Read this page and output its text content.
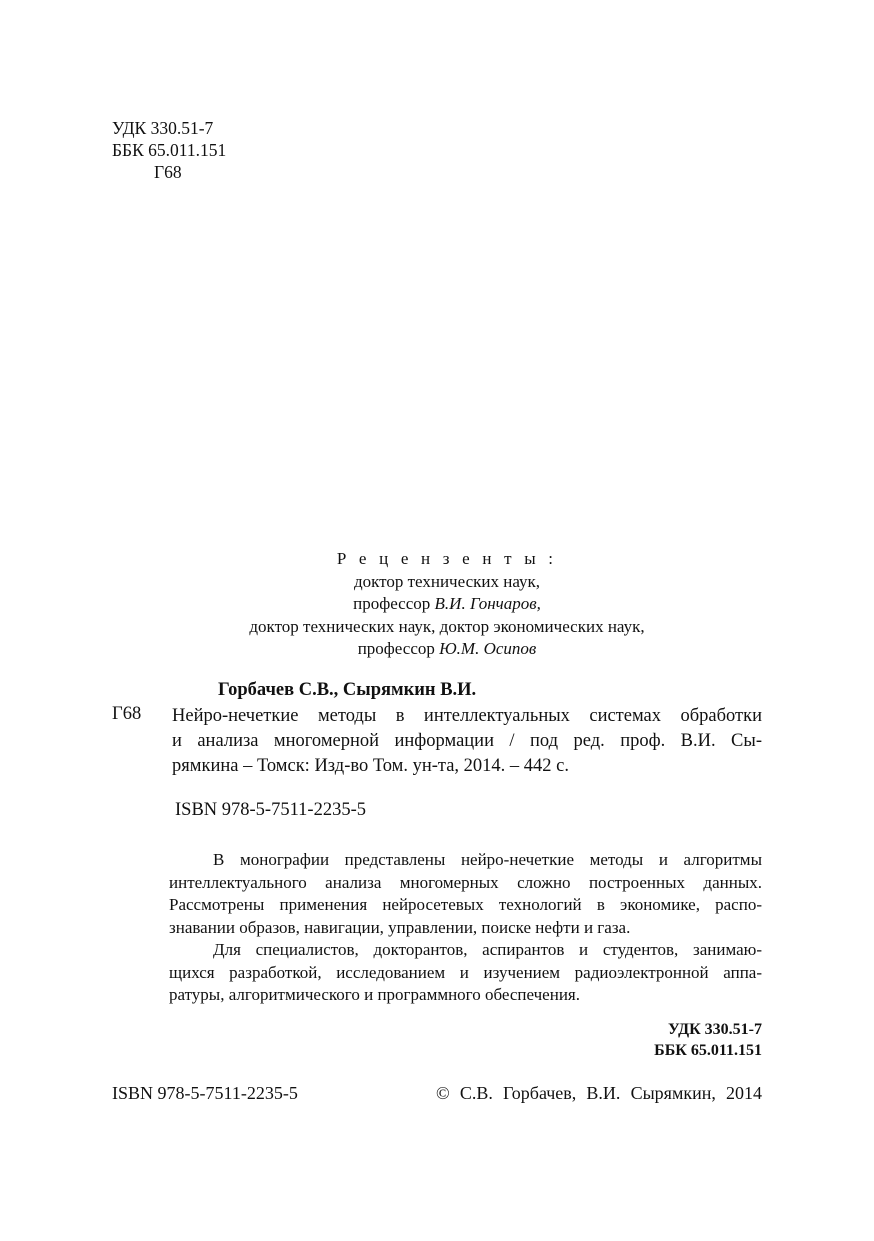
УДК 330.51-7
ББК 65.011.151
Г68
Р е ц е н з е н т ы :
доктор технических наук,
профессор В.И. Гончаров,
доктор технических наук, доктор экономических наук,
профессор Ю.М. Осипов
Горбачев С.В., Сырямкин В.И.
Г68 Нейро-нечеткие методы в интеллектуальных системах обработки
и анализа многомерной информации / под ред. проф. В.И. Сы-
рямкина – Томск: Изд-во Том. ун-та, 2014. – 442 с.
ISBN 978-5-7511-2235-5
В монографии представлены нейро-нечеткие методы и алгоритмы
интеллектуального анализа многомерных сложно построенных данных.
Рассмотрены применения нейросетевых технологий в экономике, распо-
знавании образов, навигации, управлении, поиске нефти и газа.
Для специалистов, докторантов, аспирантов и студентов, занимаю-
щихся разработкой, исследованием и изучением радиоэлектронной аппа-
ратуры, алгоритмического и программного обеспечения.
УДК 330.51-7
ББК 65.011.151
ISBN 978-5-7511-2235-5	© С.В. Горбачев, В.И. Сырямкин, 2014
